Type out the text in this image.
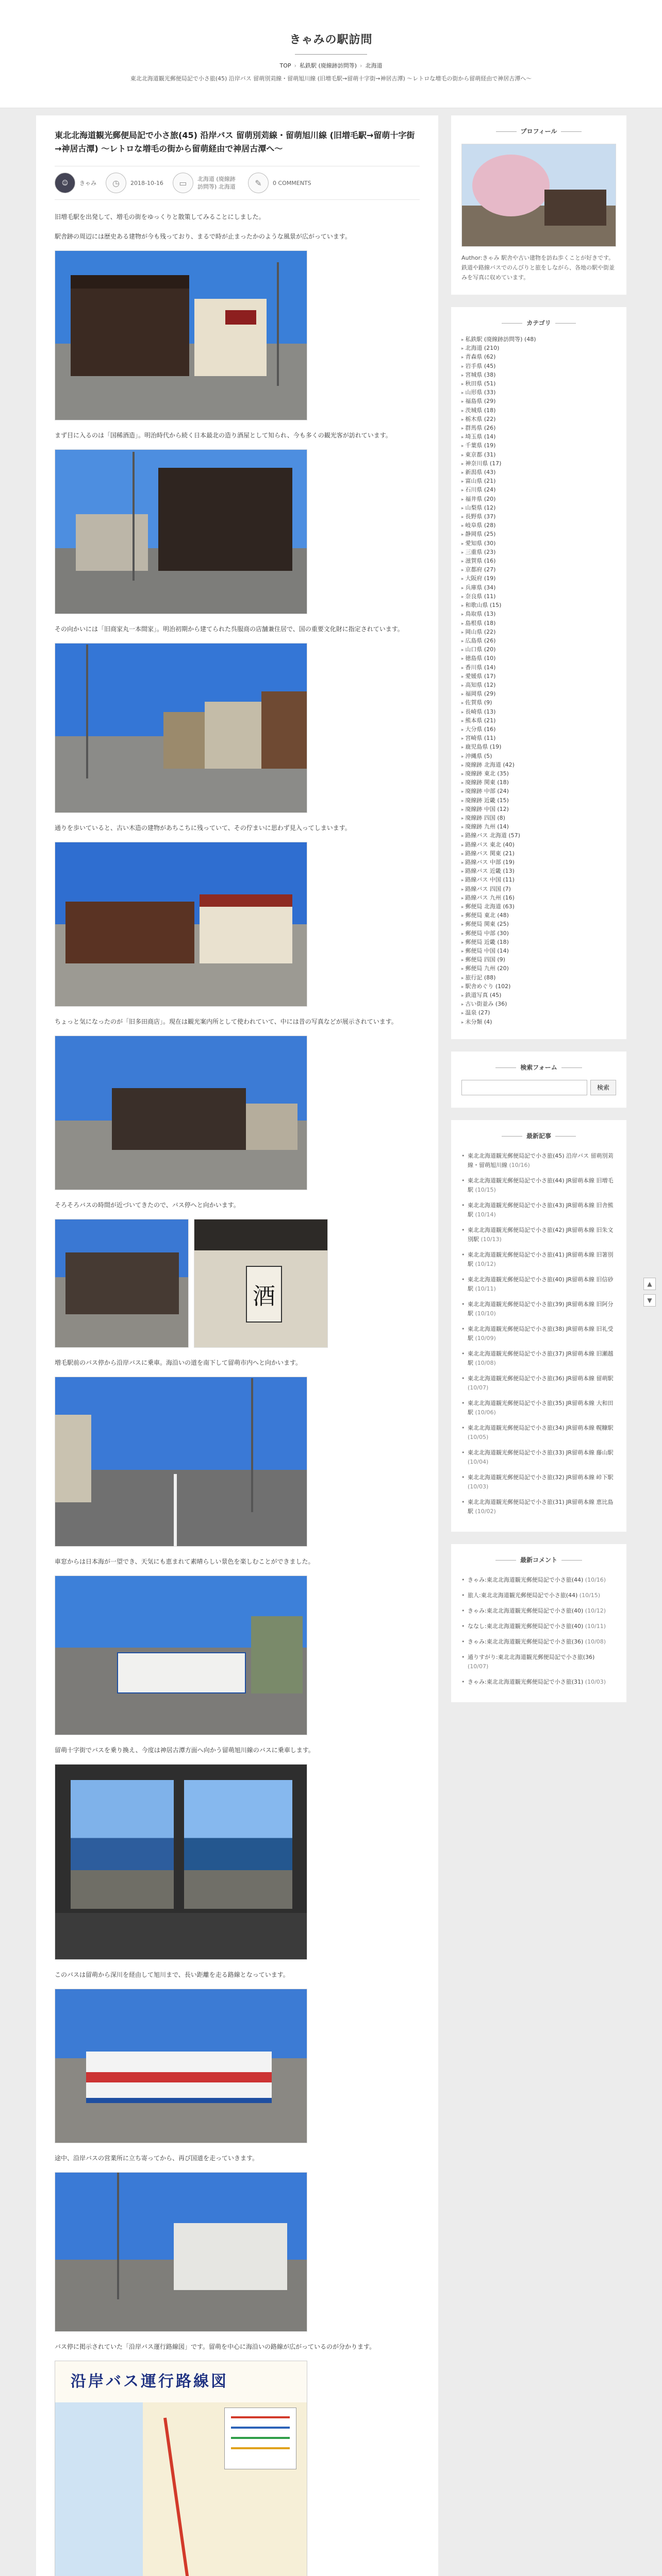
きゃみの駅訪問
TOP › 私鉄駅 (廃線跡訪問等) › 北海道
東北北海道観光郵便局記で小さ旅(45) 沿岸バス 留萌別苅線・留萌旭川線 (旧増毛駅→留萌十字街→神居古潭) ～レトロな増毛の街から留萌経由で神居古潭へ～
東北北海道観光郵便局記で小さ旅(45) 沿岸バス 留萌別苅線・留萌旭川線 (旧増毛駅→留萌十字街→神居古潭) ～レトロな増毛の街から留萌経由で神居古潭へ～
☺	きゃみ	◷	2018-10-16	▭	北海道 (廃線跡訪問等) 北海道	✎	0 COMMENTS

旧増毛駅を出発して、増毛の街をゆっくりと散策してみることにしました。

駅舎跡の周辺には歴史ある建物が今も残っており、まるで時が止まったかのような風景が広がっています。

まず目に入るのは「国稀酒造」。明治時代から続く日本最北の造り酒屋として知られ、今も多くの観光客が訪れています。

その向かいには「旧商家丸一本間家」。明治初期から建てられた呉服商の店舗兼住居で、国の重要文化財に指定されています。

通りを歩いていると、古い木造の建物があちこちに残っていて、その佇まいに思わず見入ってしまいます。

ちょっと気になったのが「旧多田商店」。現在は観光案内所として使われていて、中には昔の写真などが展示されています。

そろそろバスの時間が近づいてきたので、バス停へと向かいます。

酒

増毛駅前のバス停から沿岸バスに乗車。海沿いの道を南下して留萌市内へと向かいます。

車窓からは日本海が一望でき、天気にも恵まれて素晴らしい景色を楽しむことができました。

留萌十字街でバスを乗り換え、今度は神居古潭方面へ向かう留萌旭川線のバスに乗車します。

このバスは留萌から深川を経由して旭川まで、長い距離を走る路線となっています。

途中、沿岸バスの営業所に立ち寄ってから、再び国道を走っていきます。

バス停に掲示されていた「沿岸バス運行路線図」です。留萌を中心に海沿いの路線が広がっているのが分かります。

沿岸バス運行路線図

プロフィール

Author:きゃみ 駅舎や古い建物を訪ね歩くことが好きです。鉄道や路線バスでのんびりと旅をしながら、各地の駅や街並みを写真に収めています。

カテゴリ
▸ 私鉄駅 (廃線跡訪問等) (48)
▸ 北海道 (210)
▸ 青森県 (62)
▸ 岩手県 (45)
▸ 宮城県 (38)
▸ 秋田県 (51)
▸ 山形県 (33)
▸ 福島県 (29)
▸ 茨城県 (18)
▸ 栃木県 (22)
▸ 群馬県 (26)
▸ 埼玉県 (14)
▸ 千葉県 (19)
▸ 東京都 (31)
▸ 神奈川県 (17)
▸ 新潟県 (43)
▸ 富山県 (21)
▸ 石川県 (24)
▸ 福井県 (20)
▸ 山梨県 (12)
▸ 長野県 (37)
▸ 岐阜県 (28)
▸ 静岡県 (25)
▸ 愛知県 (30)
▸ 三重県 (23)
▸ 滋賀県 (16)
▸ 京都府 (27)
▸ 大阪府 (19)
▸ 兵庫県 (34)
▸ 奈良県 (11)
▸ 和歌山県 (15)
▸ 鳥取県 (13)
▸ 島根県 (18)
▸ 岡山県 (22)
▸ 広島県 (26)
▸ 山口県 (20)
▸ 徳島県 (10)
▸ 香川県 (14)
▸ 愛媛県 (17)
▸ 高知県 (12)
▸ 福岡県 (29)
▸ 佐賀県 (9)
▸ 長崎県 (13)
▸ 熊本県 (21)
▸ 大分県 (16)
▸ 宮崎県 (11)
▸ 鹿児島県 (19)
▸ 沖縄県 (5)
▸ 廃線跡 北海道 (42)
▸ 廃線跡 東北 (35)
▸ 廃線跡 関東 (18)
▸ 廃線跡 中部 (24)
▸ 廃線跡 近畿 (15)
▸ 廃線跡 中国 (12)
▸ 廃線跡 四国 (8)
▸ 廃線跡 九州 (14)
▸ 路線バス 北海道 (57)
▸ 路線バス 東北 (40)
▸ 路線バス 関東 (21)
▸ 路線バス 中部 (19)
▸ 路線バス 近畿 (13)
▸ 路線バス 中国 (11)
▸ 路線バス 四国 (7)
▸ 路線バス 九州 (16)
▸ 郵便局 北海道 (63)
▸ 郵便局 東北 (48)
▸ 郵便局 関東 (25)
▸ 郵便局 中部 (30)
▸ 郵便局 近畿 (18)
▸ 郵便局 中国 (14)
▸ 郵便局 四国 (9)
▸ 郵便局 九州 (20)
▸ 旅行記 (88)
▸ 駅舎めぐり (102)
▸ 鉄道写真 (45)
▸ 古い街並み (36)
▸ 温泉 (27)
▸ 未分類 (4)
検索フォーム
検索
最新記事
• 東北北海道観光郵便局記で小さ旅(45) 沿岸バス 留萌別苅線・留萌旭川線 (10/16)
• 東北北海道観光郵便局記で小さ旅(44) JR留萌本線 旧増毛駅 (10/15)
• 東北北海道観光郵便局記で小さ旅(43) JR留萌本線 旧舎熊駅 (10/14)
• 東北北海道観光郵便局記で小さ旅(42) JR留萌本線 旧朱文別駅 (10/13)
• 東北北海道観光郵便局記で小さ旅(41) JR留萌本線 旧箸別駅 (10/12)
• 東北北海道観光郵便局記で小さ旅(40) JR留萌本線 旧信砂駅 (10/11)
• 東北北海道観光郵便局記で小さ旅(39) JR留萌本線 旧阿分駅 (10/10)
• 東北北海道観光郵便局記で小さ旅(38) JR留萌本線 旧礼受駅 (10/09)
• 東北北海道観光郵便局記で小さ旅(37) JR留萌本線 旧瀬越駅 (10/08)
• 東北北海道観光郵便局記で小さ旅(36) JR留萌本線 留萌駅 (10/07)
• 東北北海道観光郵便局記で小さ旅(35) JR留萌本線 大和田駅 (10/06)
• 東北北海道観光郵便局記で小さ旅(34) JR留萌本線 幌糠駅 (10/05)
• 東北北海道観光郵便局記で小さ旅(33) JR留萌本線 藤山駅 (10/04)
• 東北北海道観光郵便局記で小さ旅(32) JR留萌本線 峠下駅 (10/03)
• 東北北海道観光郵便局記で小さ旅(31) JR留萌本線 恵比島駅 (10/02)
最新コメント
• きゃみ:東北北海道観光郵便局記で小さ旅(44) (10/16)
• 旅人:東北北海道観光郵便局記で小さ旅(44) (10/15)
• きゃみ:東北北海道観光郵便局記で小さ旅(40) (10/12)
• ななし:東北北海道観光郵便局記で小さ旅(40) (10/11)
• きゃみ:東北北海道観光郵便局記で小さ旅(36) (10/08)
• 通りすがり:東北北海道観光郵便局記で小さ旅(36) (10/07)
• きゃみ:東北北海道観光郵便局記で小さ旅(31) (10/03)
▲
▼
